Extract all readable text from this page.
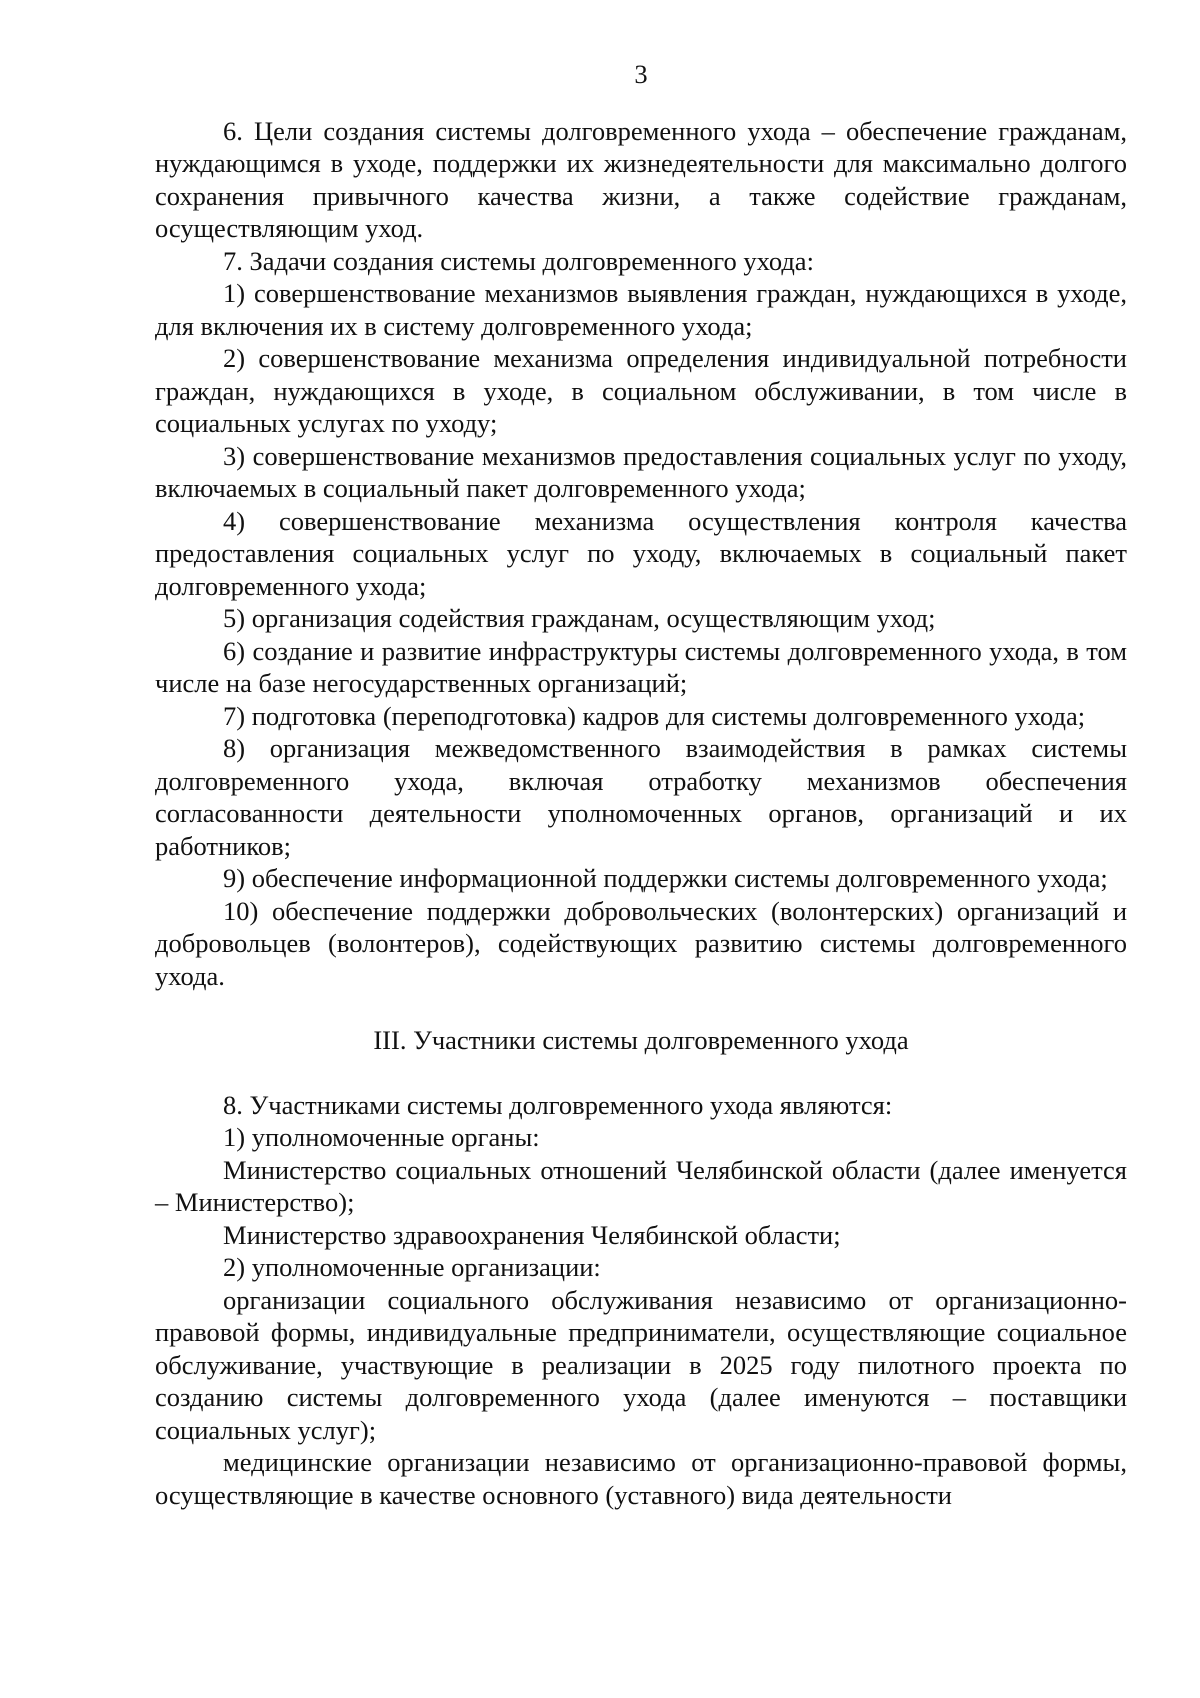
3

6. Цели создания системы долговременного ухода – обеспечение гражданам, нуждающимся в уходе, поддержки их жизнедеятельности для максимально долгого сохранения привычного качества жизни, а также содействие гражданам, осуществляющим уход.

7. Задачи создания системы долговременного ухода:

1) совершенствование механизмов выявления граждан, нуждающихся в уходе, для включения их в систему долговременного ухода;

2) совершенствование механизма определения индивидуальной потребности граждан, нуждающихся в уходе, в социальном обслуживании, в том числе в социальных услугах по уходу;

3) совершенствование механизмов предоставления социальных услуг по уходу, включаемых в социальный пакет долговременного ухода;

4) совершенствование механизма осуществления контроля качества предоставления социальных услуг по уходу, включаемых в социальный пакет долговременного ухода;

5) организация содействия гражданам, осуществляющим уход;

6) создание и развитие инфраструктуры системы долговременного ухода, в том числе на базе негосударственных организаций;

7) подготовка (переподготовка) кадров для системы долговременного ухода;

8) организация межведомственного взаимодействия в рамках системы долговременного ухода, включая отработку механизмов обеспечения согласованности деятельности уполномоченных органов, организаций и их работников;

9) обеспечение информационной поддержки системы долговременного ухода;

10) обеспечение поддержки добровольческих (волонтерских) организаций и добровольцев (волонтеров), содействующих развитию системы долговременного ухода.

III. Участники системы долговременного ухода

8. Участниками системы долговременного ухода являются:

1) уполномоченные органы:

Министерство социальных отношений Челябинской области (далее именуется – Министерство);

Министерство здравоохранения Челябинской области;

2) уполномоченные организации:

организации социального обслуживания независимо от организационно-правовой формы, индивидуальные предприниматели, осуществляющие социальное обслуживание, участвующие в реализации в 2025 году пилотного проекта по созданию системы долговременного ухода (далее именуются – поставщики социальных услуг);

медицинские организации независимо от организационно-правовой формы, осуществляющие в качестве основного (уставного) вида деятельности
